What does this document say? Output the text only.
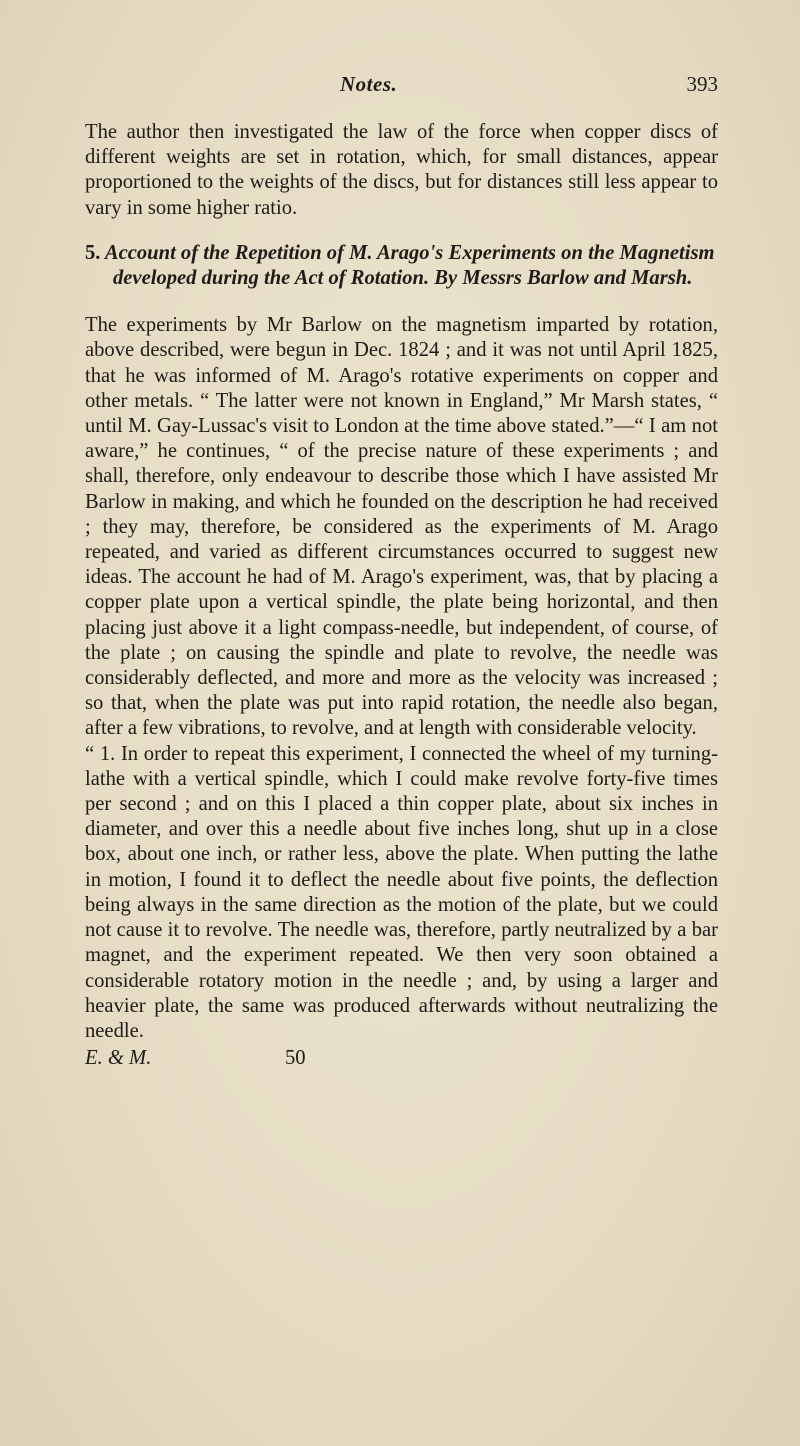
Notes.	393

The author then investigated the law of the force when copper discs of different weights are set in rotation, which, for small distances, appear proportioned to the weights of the discs, but for distances still less appear to vary in some higher ratio.

5. Account of the Repetition of M. Arago's Experiments on the Magnetism developed during the Act of Rotation. By Messrs Barlow and Marsh.

The experiments by Mr Barlow on the magnetism imparted by rotation, above described, were begun in Dec. 1824 ; and it was not until April 1825, that he was informed of M. Arago's rotative experiments on copper and other metals. “ The latter were not known in England,” Mr Marsh states, “ until M. Gay-Lussac's visit to London at the time above stated.”—“ I am not aware,” he continues, “ of the precise nature of these experiments ; and shall, therefore, only endeavour to describe those which I have assisted Mr Barlow in making, and which he founded on the description he had received ; they may, therefore, be considered as the experiments of M. Arago repeated, and varied as different circumstances occurred to suggest new ideas. The account he had of M. Arago's experiment, was, that by placing a copper plate upon a vertical spindle, the plate being horizontal, and then placing just above it a light compass-needle, but independent, of course, of the plate ; on causing the spindle and plate to revolve, the needle was considerably deflected, and more and more as the velocity was increased ; so that, when the plate was put into rapid rotation, the needle also began, after a few vibrations, to revolve, and at length with considerable velocity.

“ 1. In order to repeat this experiment, I connected the wheel of my turning-lathe with a vertical spindle, which I could make revolve forty-five times per second ; and on this I placed a thin copper plate, about six inches in diameter, and over this a needle about five inches long, shut up in a close box, about one inch, or rather less, above the plate. When putting the lathe in motion, I found it to deflect the needle about five points, the deflection being always in the same direction as the motion of the plate, but we could not cause it to revolve. The needle was, therefore, partly neutralized by a bar magnet, and the experiment repeated. We then very soon obtained a considerable rotatory motion in the needle ; and, by using a larger and heavier plate, the same was produced afterwards without neutralizing the needle.

E. & M.	50
